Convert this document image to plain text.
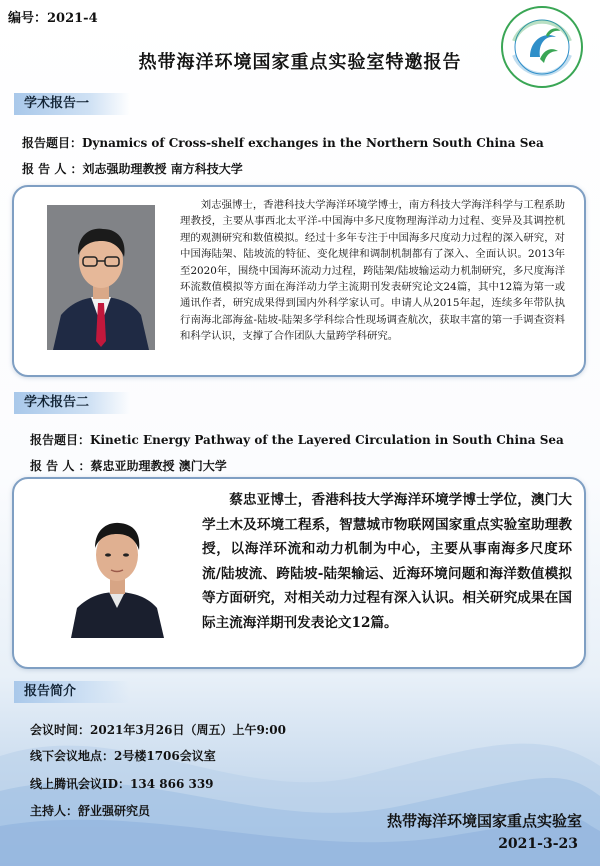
编号：2021-4
热带海洋环境国家重点实验室特邀报告
学术报告一
报告题目：Dynamics of Cross-shelf exchanges in the Northern South China Sea
报 告 人 ：刘志强助理教授 南方科技大学
刘志强博士，香港科技大学海洋环境学博士，南方科技大学海洋科学与工程系助理教授，主要从事西北太平洋-中国海中多尺度物理海洋动力过程、变异及其调控机理的观测研究和数值模拟。经过十多年专注于中国海多尺度动力过程的深入研究，对中国海陆架、陆坡流的特征、变化规律和调制机制都有了深入、全面认识。2013年至2020年，围绕中国海环流动力过程，跨陆架/陆坡输运动力机制研究，多尺度海洋环流数值模拟等方面在海洋动力学主流期刊发表研究论文24篇，其中12篇为第一或通讯作者，研究成果得到国内外科学家认可。申请人从2015年起，连续多年带队执行南海北部海盆-陆坡-陆架多学科综合性现场调查航次，获取丰富的第一手调查资料和科学认识，支撑了合作团队大量跨学科研究。
学术报告二
报告题目：Kinetic Energy Pathway of the Layered Circulation in South China Sea
报 告 人 ：蔡忠亚助理教授 澳门大学
蔡忠亚博士，香港科技大学海洋环境学博士学位，澳门大学土木及环境工程系，智慧城市物联网国家重点实验室助理教授，以海洋环流和动力机制为中心，主要从事南海多尺度环流/陆坡流、跨陆坡-陆架输运、近海环境问题和海洋数值模拟等方面研究，对相关动力过程有深入认识。相关研究成果在国际主流海洋期刊发表论文12篇。
报告简介
会议时间：2021年3月26日（周五）上午9:00
线下会议地点：2号楼1706会议室
线上腾讯会议ID：134 866 339
主持人：舒业强研究员
热带海洋环境国家重点实验室
2021-3-23
